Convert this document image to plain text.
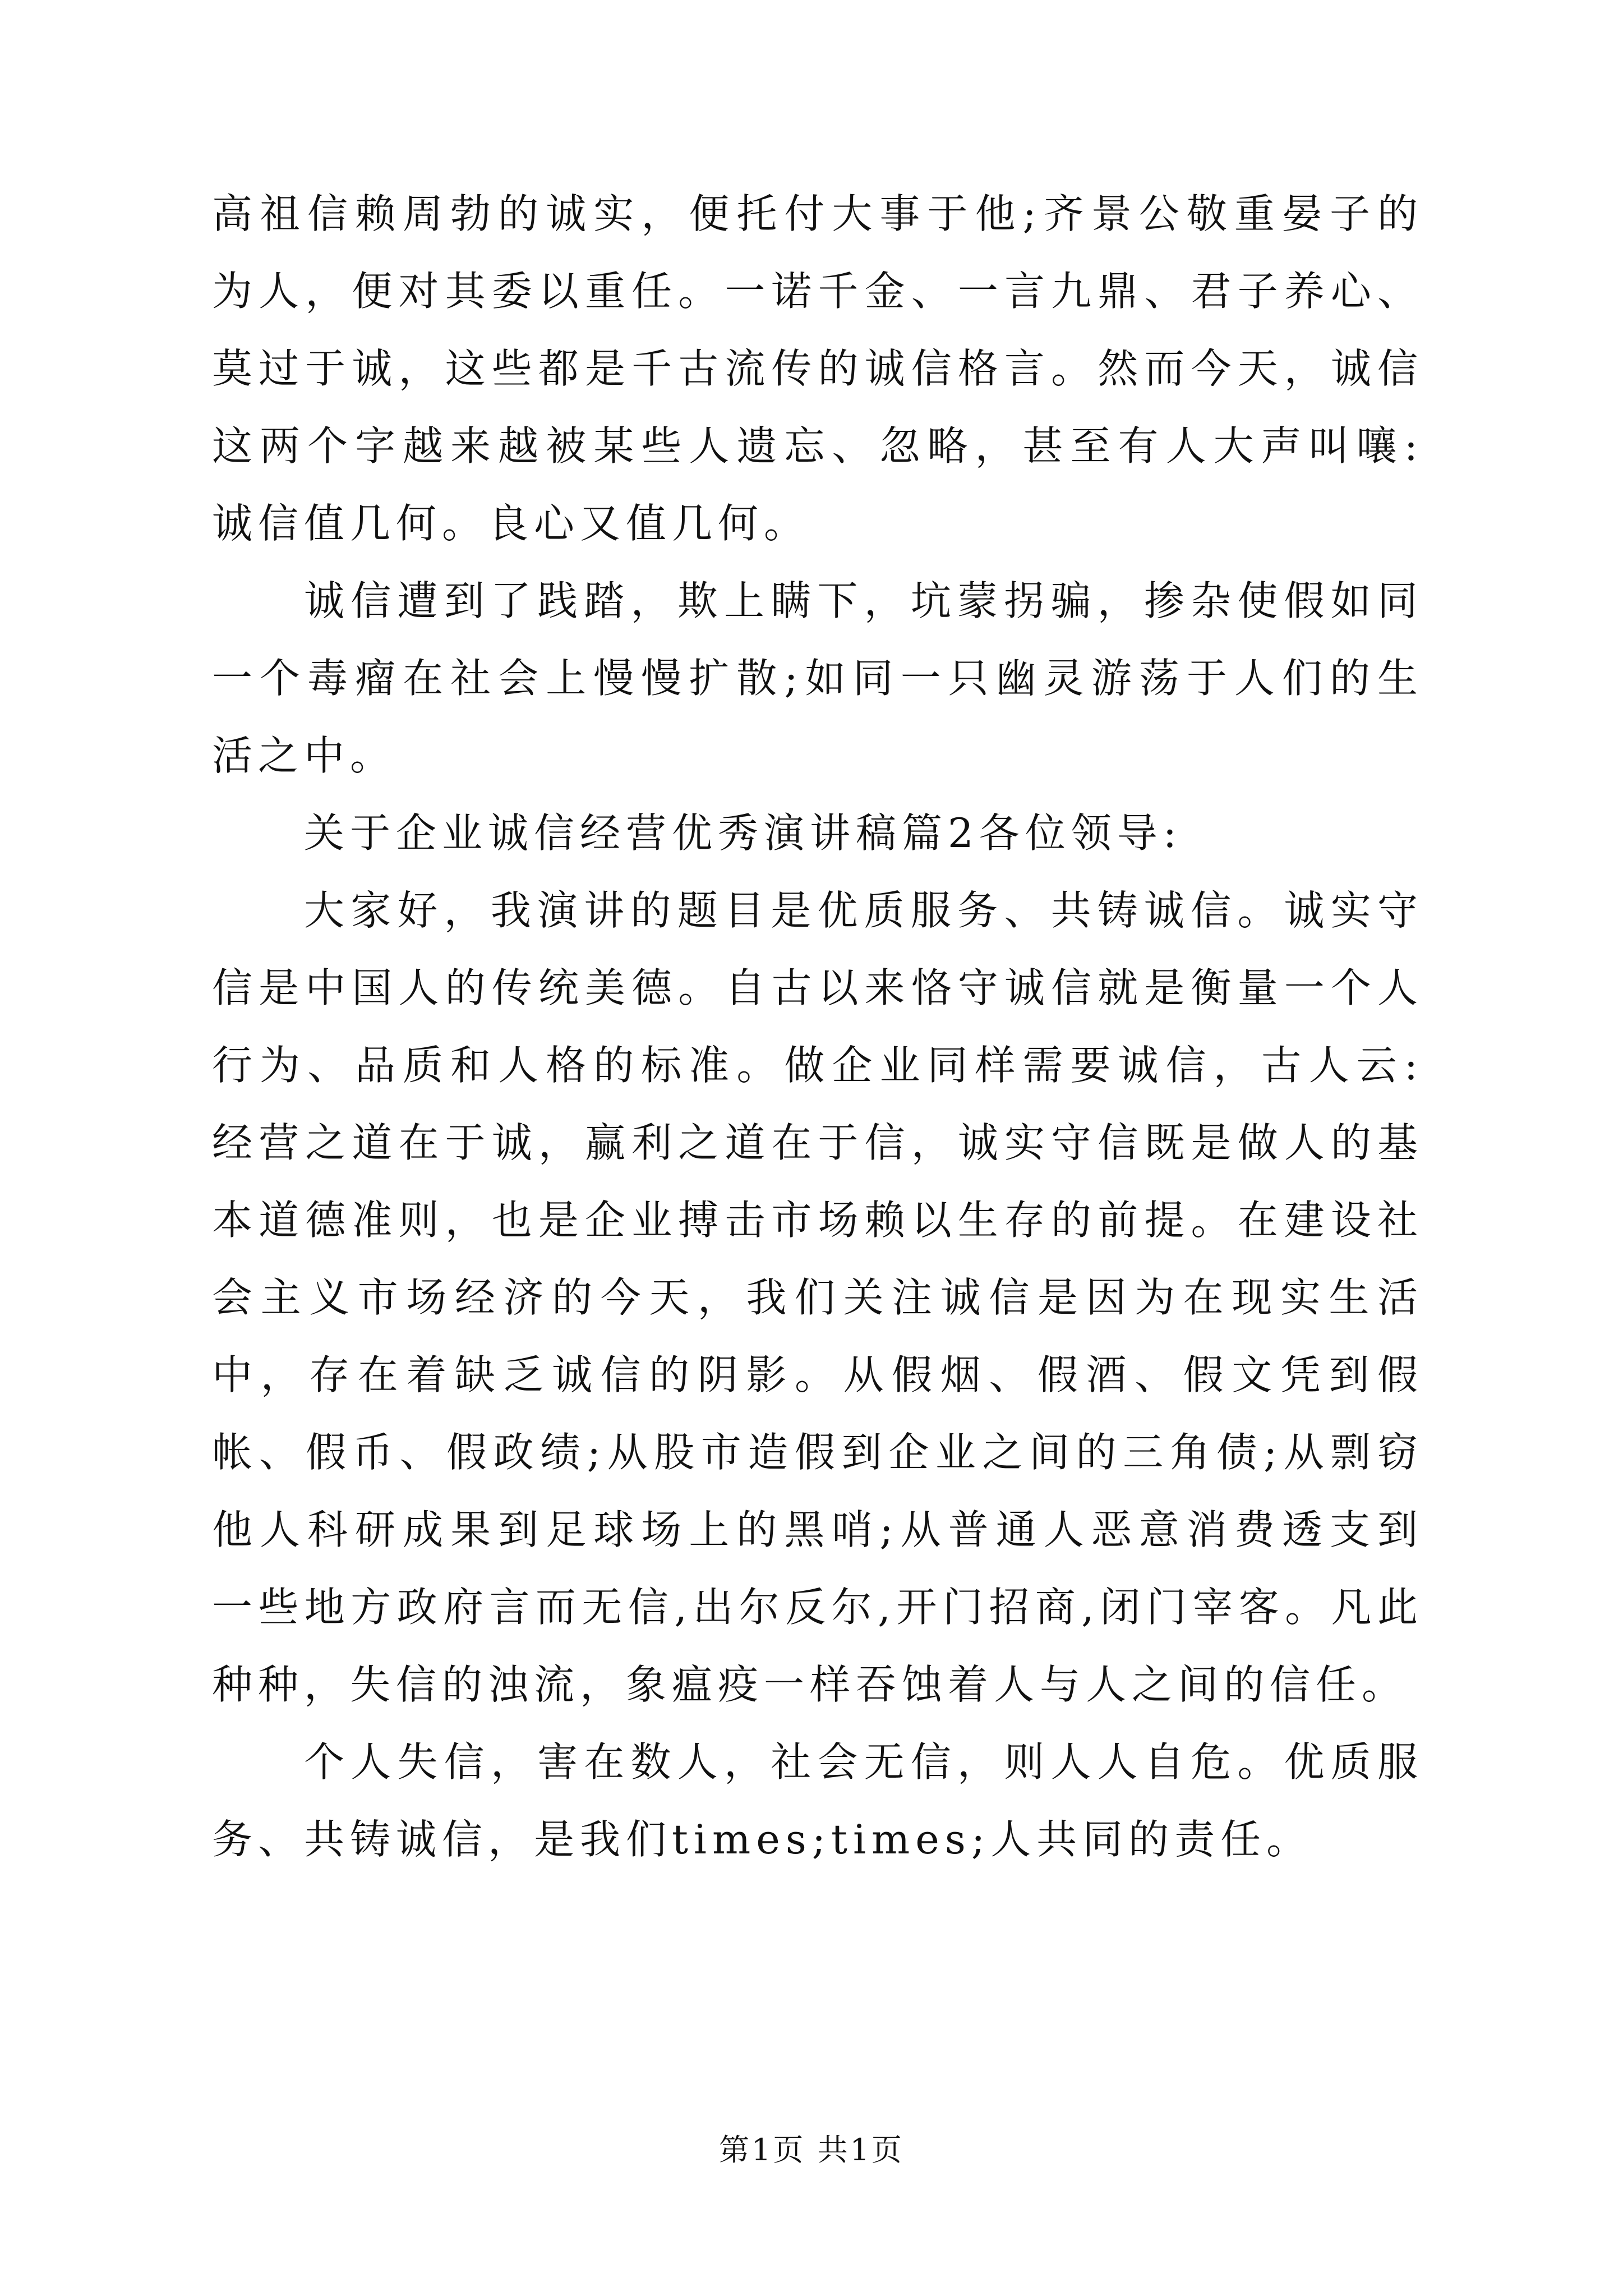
高祖信赖周勃的诚实，便托付大事于他;齐景公敬重晏子的为人，便对其委以重任。一诺千金、一言九鼎、君子养心、莫过于诚，这些都是千古流传的诚信格言。然而今天，诚信这两个字越来越被某些人遗忘、忽略，甚至有人大声叫嚷:诚信值几何。良心又值几何。

诚信遭到了践踏，欺上瞒下，坑蒙拐骗，掺杂使假如同一个毒瘤在社会上慢慢扩散;如同一只幽灵游荡于人们的生活之中。

关于企业诚信经营优秀演讲稿篇2各位领导:

大家好，我演讲的题目是优质服务、共铸诚信。诚实守信是中国人的传统美德。自古以来恪守诚信就是衡量一个人行为、品质和人格的标准。做企业同样需要诚信，古人云:经营之道在于诚，赢利之道在于信，诚实守信既是做人的基本道德准则，也是企业搏击市场赖以生存的前提。在建设社会主义市场经济的今天，我们关注诚信是因为在现实生活中，存在着缺乏诚信的阴影。从假烟、假酒、假文凭到假帐、假币、假政绩;从股市造假到企业之间的三角债;从剽窃他人科研成果到足球场上的黑哨;从普通人恶意消费透支到一些地方政府言而无信,出尔反尔,开门招商,闭门宰客。凡此种种，失信的浊流，象瘟疫一样吞蚀着人与人之间的信任。

个人失信，害在数人，社会无信，则人人自危。优质服务、共铸诚信，是我们times;times;人共同的责任。

第1页 共1页
